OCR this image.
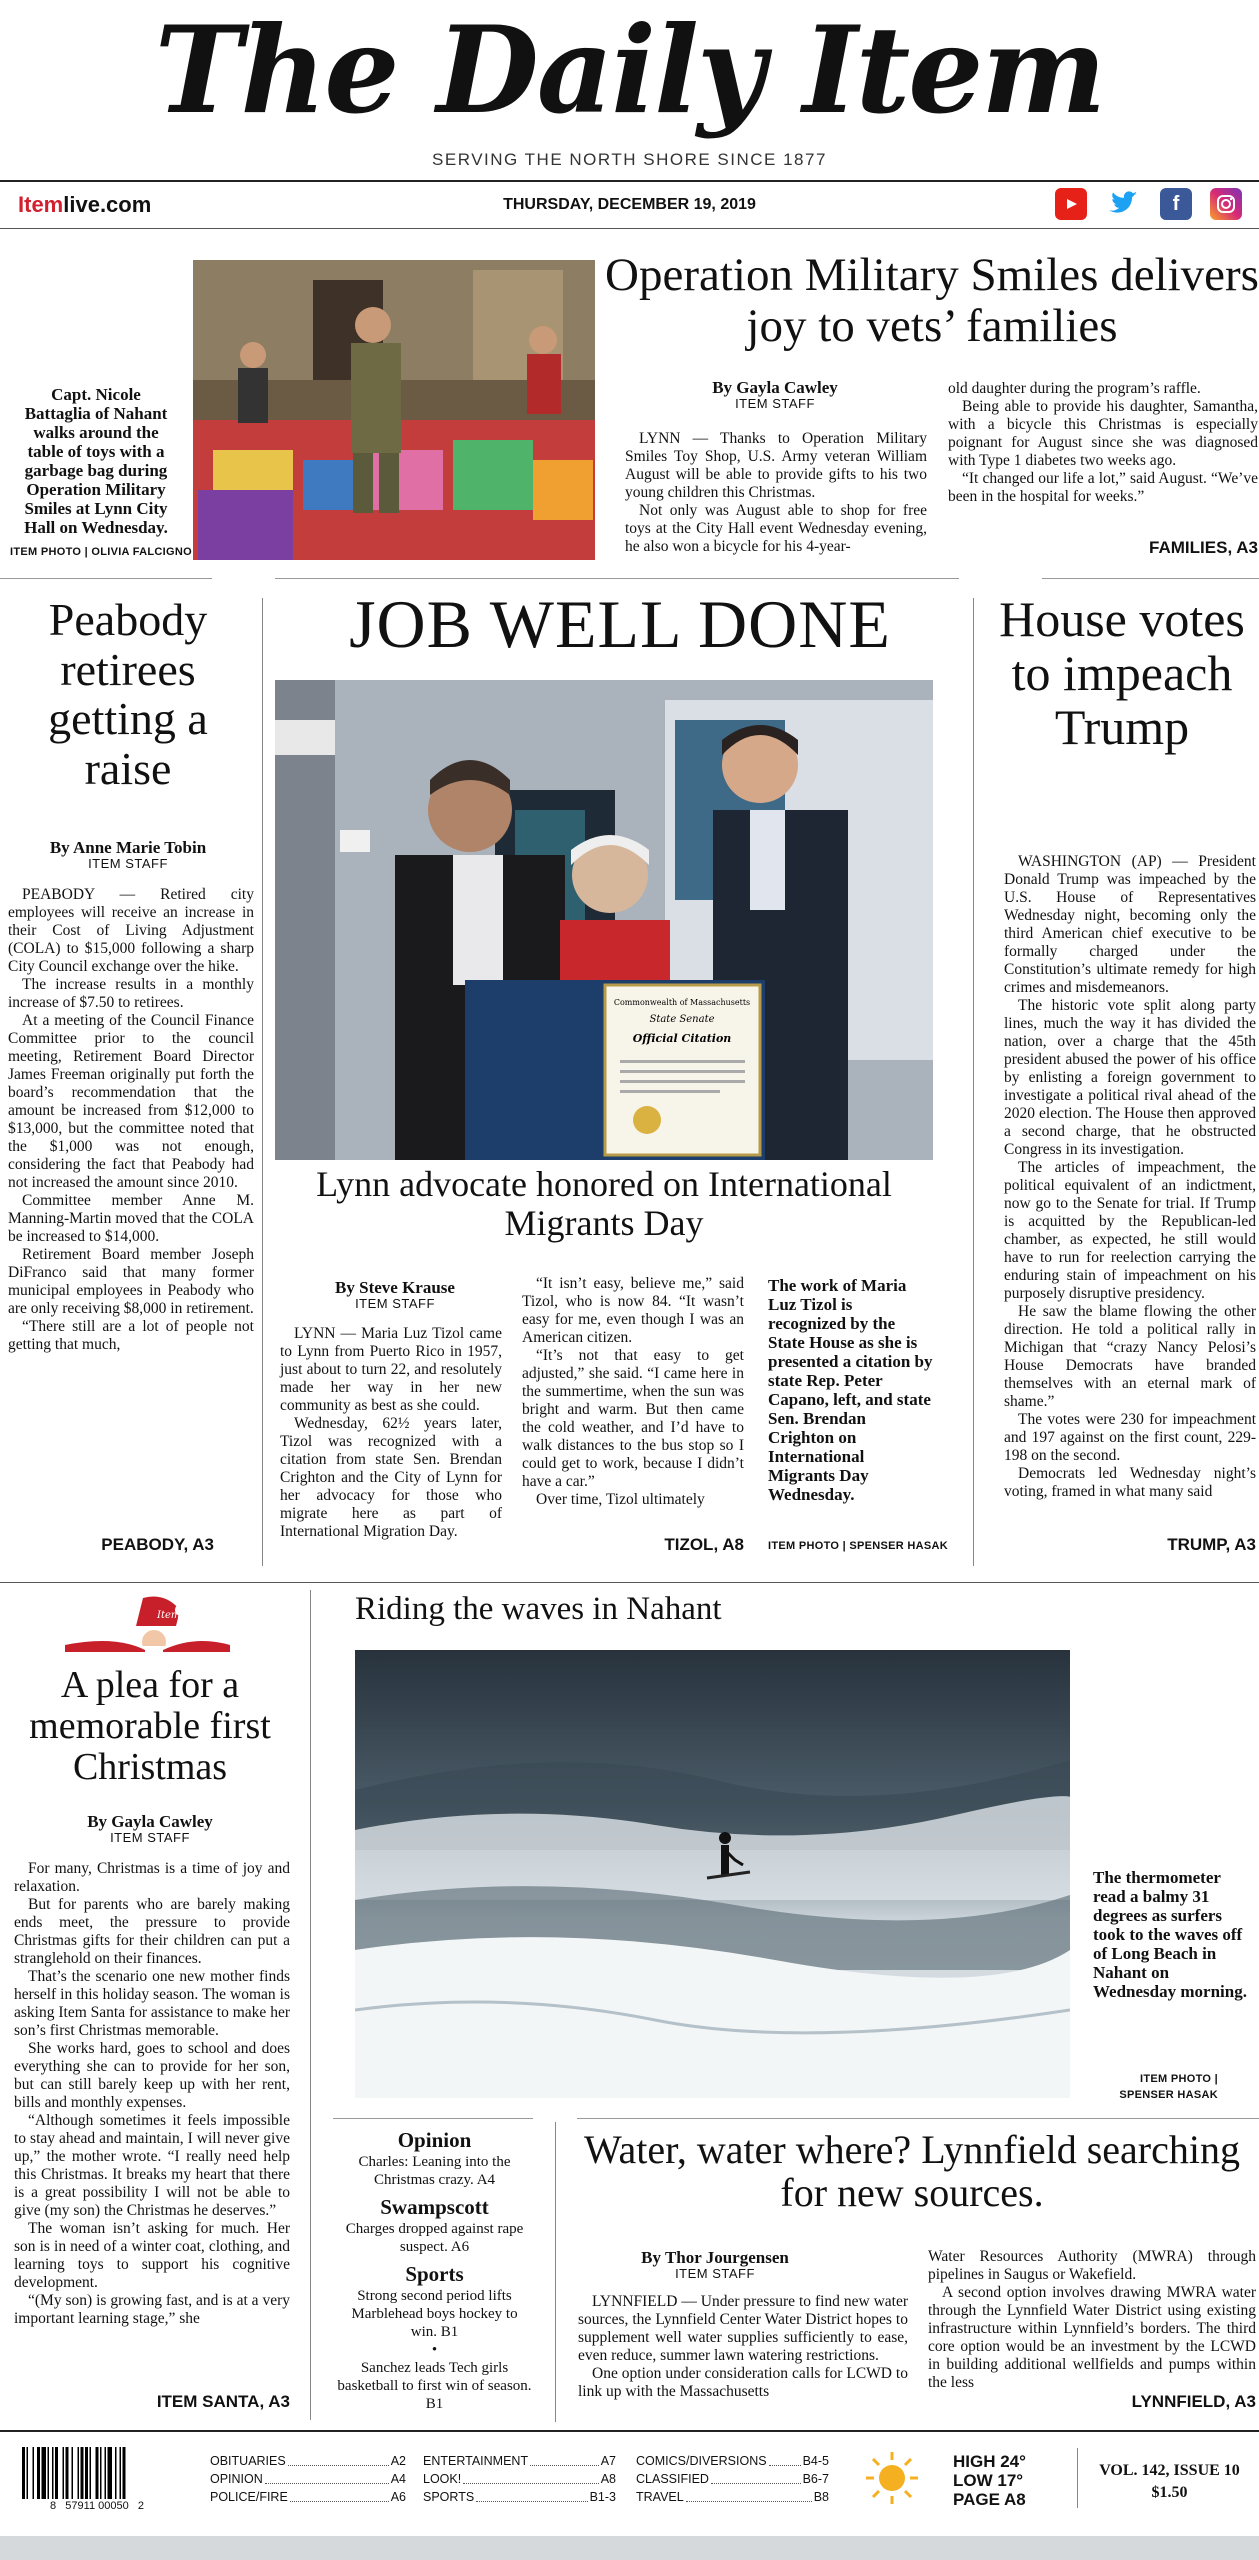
The Daily Item
SERVING THE NORTH SHORE SINCE 1877
Itemlive.com	THURSDAY, DECEMBER 19, 2019	f
Capt. Nicole Battaglia of Nahant walks around the table of toys with a garbage bag during Operation Military Smiles at Lynn City Hall on Wednesday.
ITEM PHOTO | OLIVIA FALCIGNO
Operation Military Smiles delivers joy to vets’ families
By Gayla Cawley
ITEM STAFF

LYNN — Thanks to Operation Military Smiles Toy Shop, U.S. Army veteran William August will be able to provide gifts to his two young children this Christmas.

Not only was August able to shop for free toys at the City Hall event Wednesday evening, he also won a bicycle for his 4-year-

old daughter during the program’s raffle.

Being able to provide his daughter, Samantha, with a bicycle this Christmas is especially poignant for August since she was diagnosed with Type 1 diabetes two weeks ago.

“It changed our life a lot,” said August. “We’ve been in the hospital for weeks.”

FAMILIES, A3
Peabody retirees getting a raise
By Anne Marie Tobin
ITEM STAFF

PEABODY — Retired city employees will receive an increase in their Cost of Living Adjustment (COLA) to $15,000 following a sharp City Council exchange over the hike.

The increase results in a monthly increase of $7.50 to retirees.

At a meeting of the Council Finance Committee prior to the council meeting, Retirement Board Director James Freeman originally put forth the board’s recommendation that the amount be increased from $12,000 to $13,000, but the committee noted that the $1,000 was not enough, considering the fact that Peabody had not increased the amount since 2010.

Committee member Anne M. Manning-Martin moved that the COLA be increased to $14,000.

Retirement Board member Joseph DiFranco said that many former municipal employees in Peabody who are only receiving $8,000 in retirement.

“There still are a lot of people not getting that much,

PEABODY, A3
JOB WELL DONE
Commonwealth of Massachusetts
State Senate
Official Citation
Lynn advocate honored on International Migrants Day
By Steve Krause
ITEM STAFF

LYNN — Maria Luz Tizol came to Lynn from Puerto Rico in 1957, just about to turn 22, and resolutely made her way in her new community as best as she could.

Wednesday, 62½ years later, Tizol was recognized with a citation from state Sen. Brendan Crighton and the City of Lynn for her advocacy for those who migrate here as part of International Migration Day.

“It isn’t easy, believe me,” said Tizol, who is now 84. “It wasn’t easy for me, even though I was an American citizen.

“It’s not that easy to get adjusted,” she said. “I came here in the summertime, when the sun was bright and warm. But then came the cold weather, and I’d have to walk distances to the bus stop so I could get to work, because I didn’t have a car.”

Over time, Tizol ultimately

TIZOL, A8
The work of Maria Luz Tizol is recognized by the State House as she is presented a citation by state Rep. Peter Capano, left, and state Sen. Brendan Crighton on International Migrants Day Wednesday.
ITEM PHOTO | SPENSER HASAK
House votes to impeach Trump

WASHINGTON (AP) — President Donald Trump was impeached by the U.S. House of Representatives Wednesday night, becoming only the third American chief executive to be formally charged under the Constitution’s ultimate remedy for high crimes and misdemeanors.

The historic vote split along party lines, much the way it has divided the nation, over a charge that the 45th president abused the power of his office by enlisting a foreign government to investigate a political rival ahead of the 2020 election. The House then approved a second charge, that he obstructed Congress in its investigation.

The articles of impeachment, the political equivalent of an indictment, now go to the Senate for trial. If Trump is acquitted by the Republican-led chamber, as expected, he still would have to run for reelection carrying the enduring stain of impeachment on his purposely disruptive presidency.

He saw the blame flowing the other direction. He told a political rally in Michigan that “crazy Nancy Pelosi’s House Democrats have branded themselves with an eternal mark of shame.”

The votes were 230 for impeachment and 197 against on the first count, 229-198 on the second.

Democrats led Wednesday night’s voting, framed in what many said

TRUMP, A3
Item
A plea for a memorable first Christmas
By Gayla Cawley
ITEM STAFF

For many, Christmas is a time of joy and relaxation.

But for parents who are barely making ends meet, the pressure to provide Christmas gifts for their children can put a stranglehold on their finances.

That’s the scenario one new mother finds herself in this holiday season. The woman is asking Item Santa for assistance to make her son’s first Christmas memorable.

She works hard, goes to school and does everything she can to provide for her son, but can still barely keep up with her rent, bills and monthly expenses.

“Although sometimes it feels impossible to stay ahead and maintain, I will never give up,” the mother wrote. “I really need help this Christmas. It breaks my heart that there is a great possibility I will not be able to give (my son) the Christmas he deserves.”

The woman isn’t asking for much. Her son is in need of a winter coat, clothing, and learning toys to support his cognitive development.

“(My son) is growing fast, and is at a very important learning stage,” she

ITEM SANTA, A3
Riding the waves in Nahant
The thermometer read a balmy 31 degrees as surfers took to the waves off of Long Beach in Nahant on Wednesday morning.
ITEM PHOTO |
SPENSER HASAK
Opinion
Charles: Leaning into the Christmas crazy. A4
Swampscott
Charges dropped against rape suspect. A6
Sports
Strong second period lifts Marblehead boys hockey to win. B1
•
Sanchez leads Tech girls basketball to first win of season. B1
Water, water where? Lynnfield searching for new sources.
By Thor Jourgensen
ITEM STAFF

LYNNFIELD — Under pressure to find new water sources, the Lynnfield Center Water District hopes to supplement well water supplies sufficiently to ease, even reduce, summer lawn watering restrictions.

One option under consideration calls for LCWD to link up with the Massachusetts

Water Resources Authority (MWRA) through pipelines in Saugus or Wakefield.

A second option involves drawing MWRA water through the Lynnfield Water District using existing infrastructure within Lynnfield’s borders. The third core option would be an investment by the LCWD in building additional wellfields and pumps within the less

LYNNFIELD, A3
8   57911 00050   2
OBITUARIES	A2
OPINION	A4
POLICE/FIRE	A6
ENTERTAINMENT	A7
LOOK!	A8
SPORTS	B1-3
COMICS/DIVERSIONS	B4-5
CLASSIFIED	B6-7
TRAVEL	B8
HIGH 24°
LOW 17°
PAGE A8
VOL. 142, ISSUE 10
$1.50
